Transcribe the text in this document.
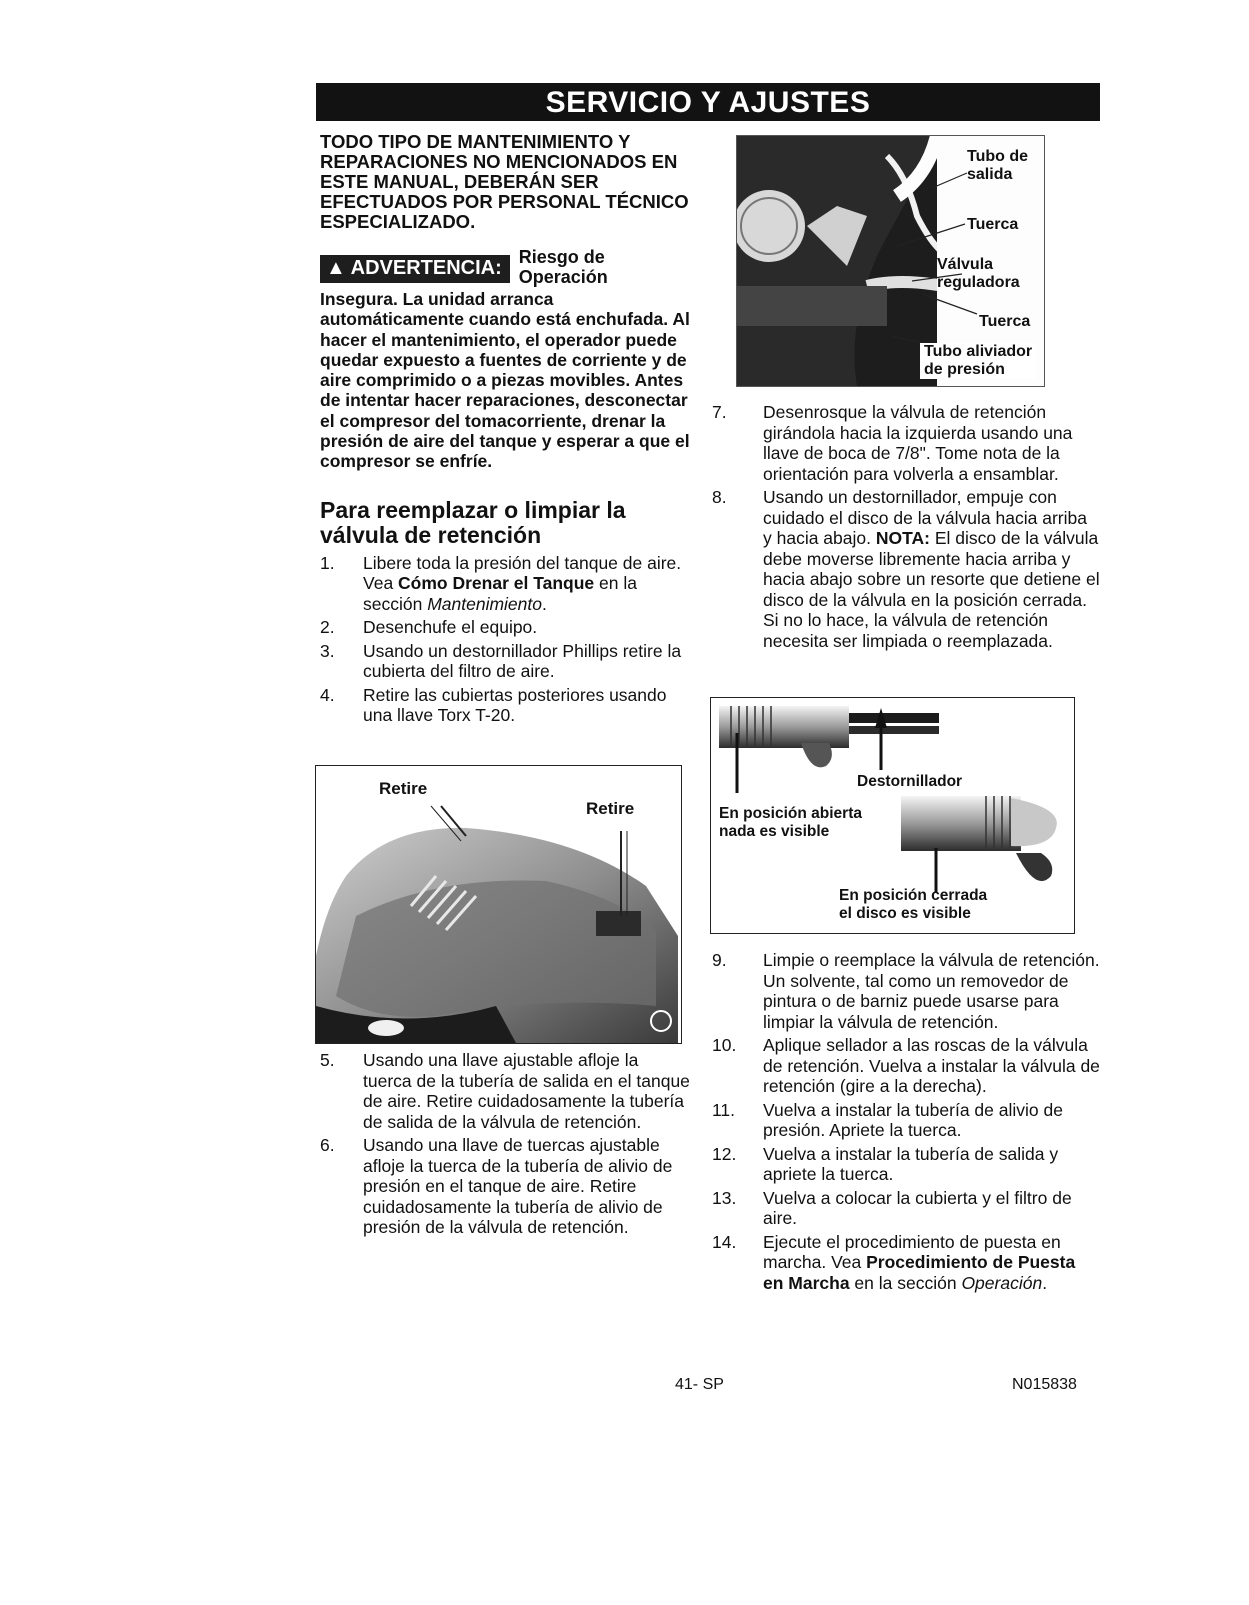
SERVICIO Y AJUSTES

TODO TIPO DE MANTENIMIENTO Y REPARACIONES NO MENCIONADOS EN ESTE MANUAL, DEBERÁN SER EFECTUADOS POR PERSONAL TÉCNICO ESPECIALIZADO.

▲ ADVERTENCIA: Riesgo de
Operación

Insegura. La unidad arranca automáticamente cuando está enchufada. Al hacer el mantenimiento, el operador puede quedar expuesto a fuentes de corriente y de aire comprimido o a piezas movibles. Antes de intentar hacer reparaciones, desconectar el compresor del tomacorriente, drenar la presión de aire del tanque y esperar a que el compresor se enfríe.

Para reemplazar o limpiar la válvula de retención
1. Libere toda la presión del tanque de aire. Vea Cómo Drenar el Tanque en la sección Mantenimiento.
2. Desenchufe el equipo.
3. Usando un destornillador Phillips retire la cubierta del filtro de aire.
4. Retire las cubiertas posteriores usando una llave Torx T-20.
Retire
Retire
5. Usando una llave ajustable afloje la tuerca de la tubería de salida en el tanque de aire. Retire cuidadosamente la tubería de salida de la válvula de retención.
6. Usando una llave de tuercas ajustable afloje la tuerca de la tubería de alivio de presión en el tanque de aire. Retire cuidadosamente la tubería de alivio de presión de la válvula de retención.
Tubo de
salida
Tuerca
Válvula
reguladora
Tuerca
Tubo aliviador
de presión
7. Desenrosque la válvula de retención girándola hacia la izquierda usando una llave de boca de 7/8". Tome nota de la orientación para volverla a ensamblar.
8. Usando un destornillador, empuje con cuidado el disco de la válvula hacia arriba y hacia abajo. NOTA: El disco de la válvula debe moverse libremente hacia arriba y hacia abajo sobre un resorte que detiene el disco de la válvula en la posición cerrada. Si no lo hace, la válvula de retención necesita ser limpiada o reemplazada.
Destornillador
En posición abierta
nada es visible
En posición cerrada
el disco es visible
9. Limpie o reemplace la válvula de retención. Un solvente, tal como un removedor de pintura o de barniz puede usarse para limpiar la válvula de retención.
10. Aplique sellador a las roscas de la válvula de retención. Vuelva a instalar la válvula de retención (gire a la derecha).
11. Vuelva a instalar la tubería de alivio de presión. Apriete la tuerca.
12. Vuelva a instalar la tubería de salida y apriete la tuerca.
13. Vuelva a colocar la cubierta y el filtro de aire.
14. Ejecute el procedimiento de puesta en marcha. Vea Procedimiento de Puesta en Marcha en la sección Operación.
41- SP	N015838
